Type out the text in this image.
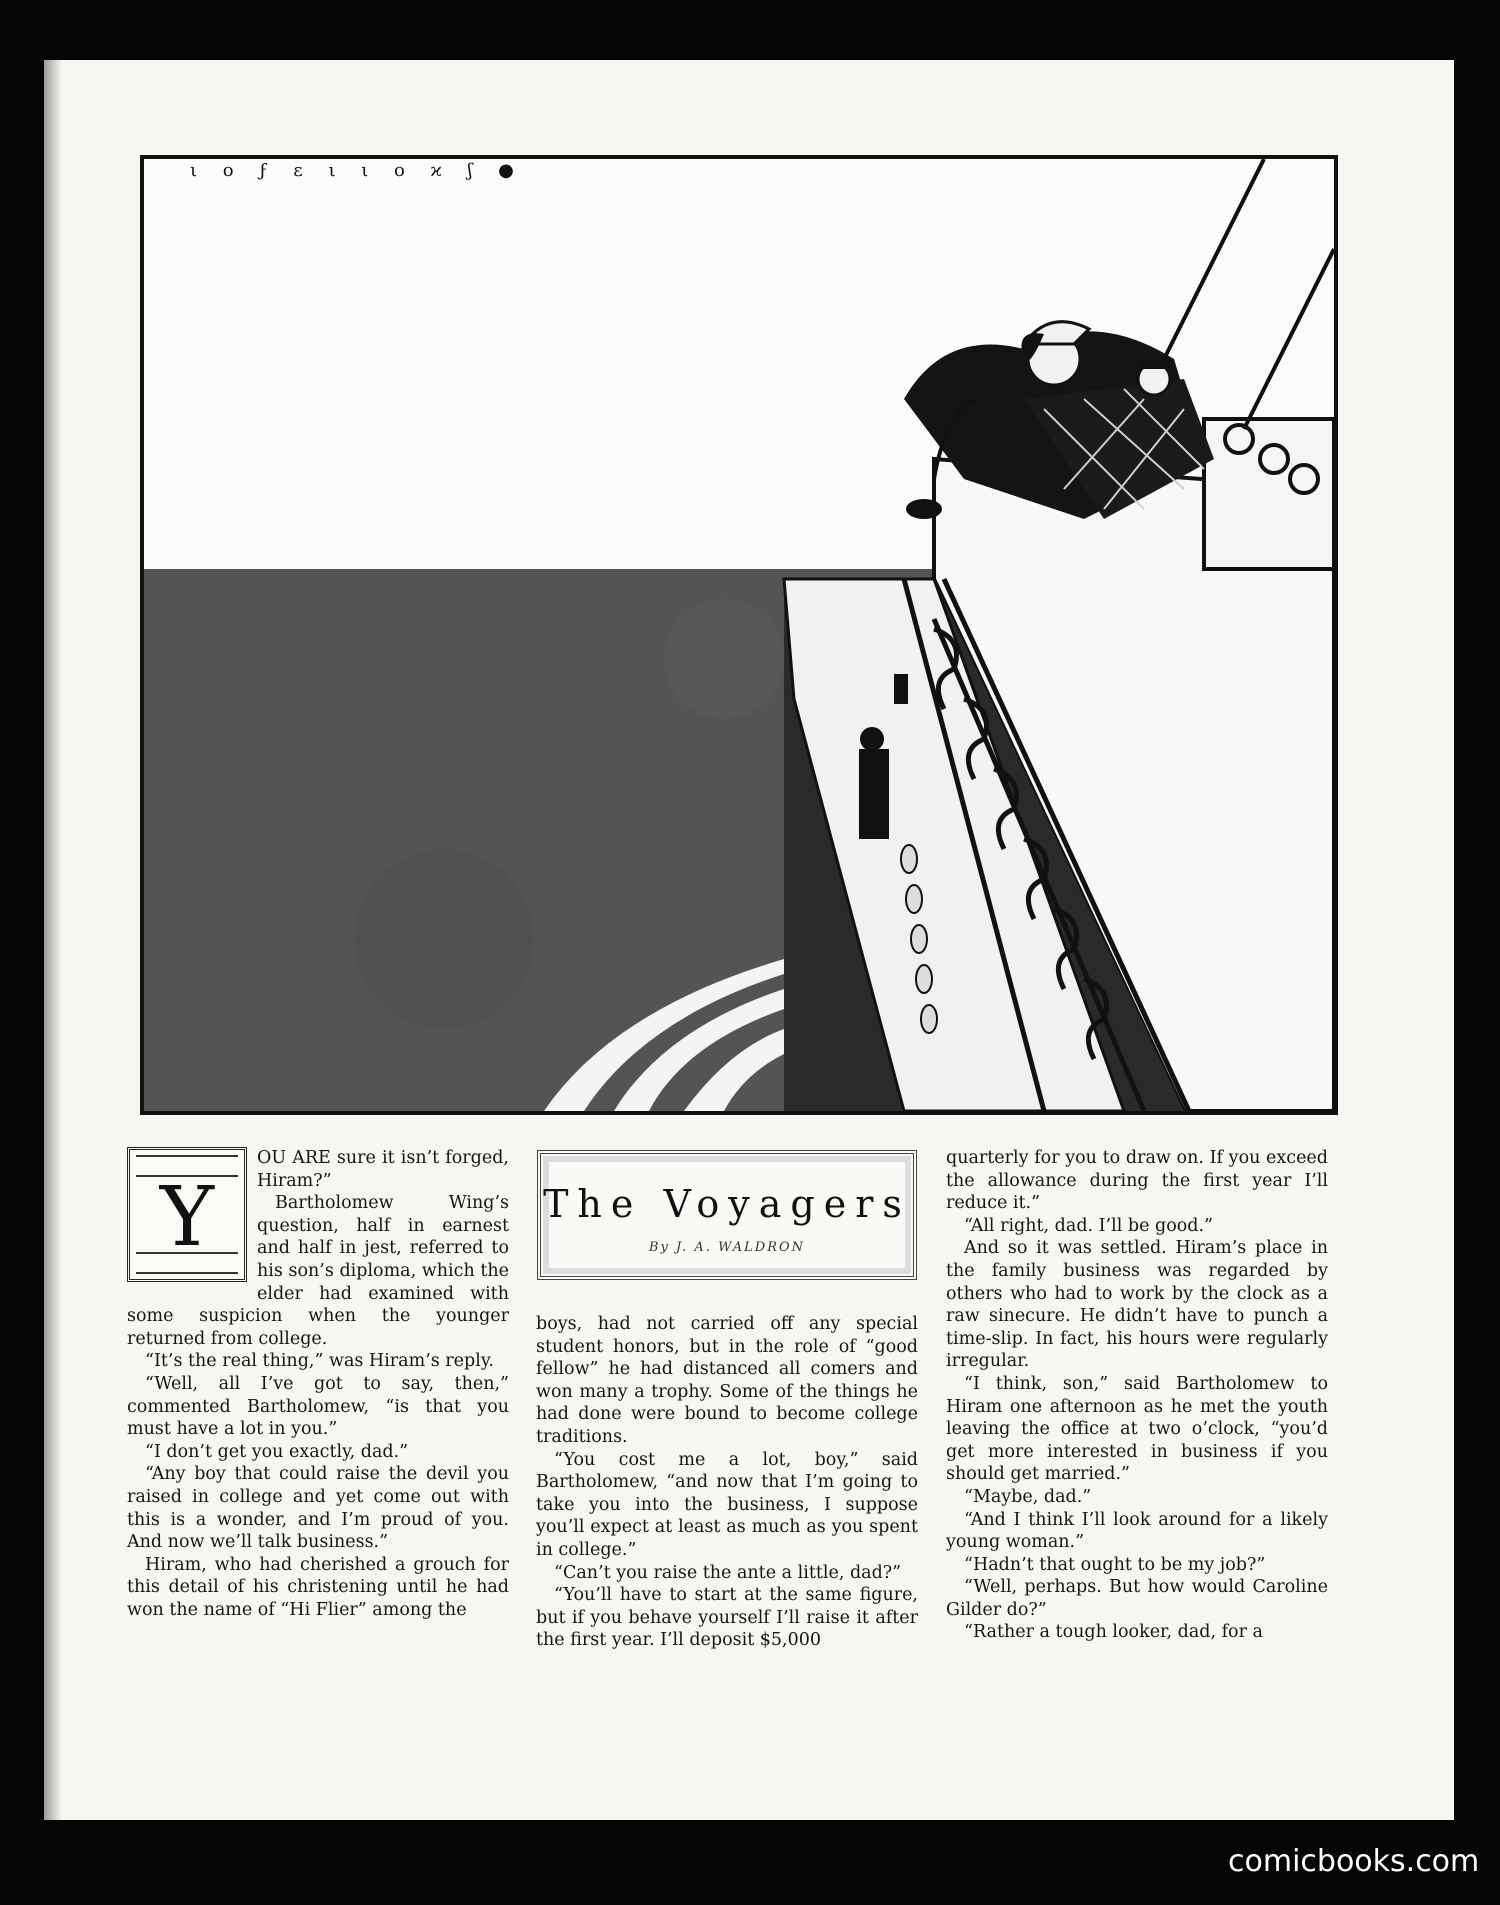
ι ο ϝ ɛ ι ι ο ϰ ʃ ●
Y

OU ARE sure it isn’t forged, Hiram?”

Bartholomew Wing’s question, half in earnest and half in jest, referred to his son’s diploma, which the elder had examined with some suspicion when the younger returned from college.

“It’s the real thing,” was Hiram’s reply.

“Well, all I’ve got to say, then,” commented Bartholomew, “is that you must have a lot in you.”

“I don’t get you exactly, dad.”

“Any boy that could raise the devil you raised in college and yet come out with this is a wonder, and I’m proud of you. And now we’ll talk business.”

Hiram, who had cherished a grouch for this detail of his christening until he had won the name of “Hi Flier” among the

The Voyagers
By J. A. WALDRON

boys, had not carried off any special student honors, but in the role of “good fellow” he had distanced all comers and won many a trophy. Some of the things he had done were bound to become college traditions.

“You cost me a lot, boy,” said Bartholomew, “and now that I’m going to take you into the business, I suppose you’ll expect at least as much as you spent in college.”

“Can’t you raise the ante a little, dad?”

“You’ll have to start at the same figure, but if you behave yourself I’ll raise it after the first year. I’ll deposit $5,000

quarterly for you to draw on. If you exceed the allowance during the first year I’ll reduce it.”

“All right, dad. I’ll be good.”

And so it was settled. Hiram’s place in the family business was regarded by others who had to work by the clock as a raw sinecure. He didn’t have to punch a time-slip. In fact, his hours were regularly irregular.

“I think, son,” said Bartholomew to Hiram one afternoon as he met the youth leaving the office at two o’clock, “you’d get more interested in business if you should get married.”

“Maybe, dad.”

“And I think I’ll look around for a likely young woman.”

“Hadn’t that ought to be my job?”

“Well, perhaps. But how would Caroline Gilder do?”

“Rather a tough looker, dad, for a

comicbooks.com
